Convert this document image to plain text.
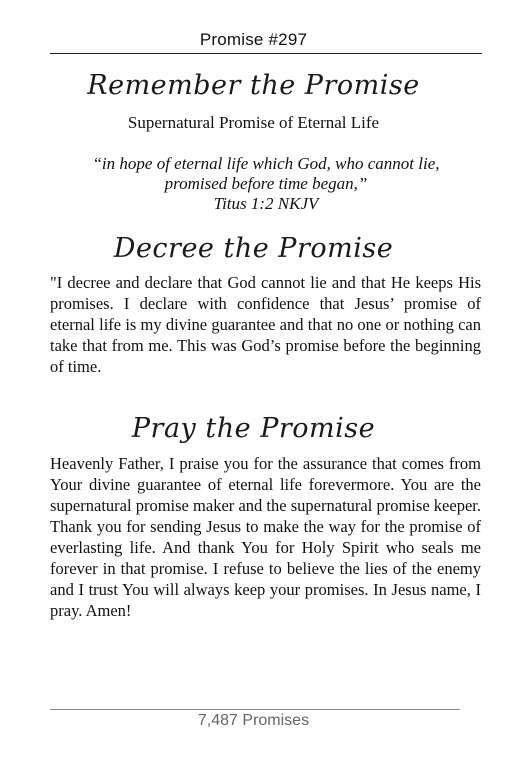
Promise #297
Remember the Promise
Supernatural Promise of Eternal Life
“in hope of eternal life which God, who cannot lie,
promised before time began,”
Titus 1:2 NKJV
Decree the Promise
"I decree and declare that God cannot lie and that He keeps His promises. I declare with confidence that Jesus’ promise of eternal life is my divine guarantee and that no one or nothing can take that from me. This was God’s promise before the beginning of time.
Pray the Promise
Heavenly Father, I praise you for the assurance that comes from Your divine guarantee of eternal life forevermore. You are the supernatural promise maker and the supernatural promise keeper. Thank you for sending Jesus to make the way for the promise of everlasting life. And thank You for Holy Spirit who seals me forever in that promise. I refuse to believe the lies of the enemy and I trust You will always keep your promises. In Jesus name, I pray. Amen!
7,487 Promises
